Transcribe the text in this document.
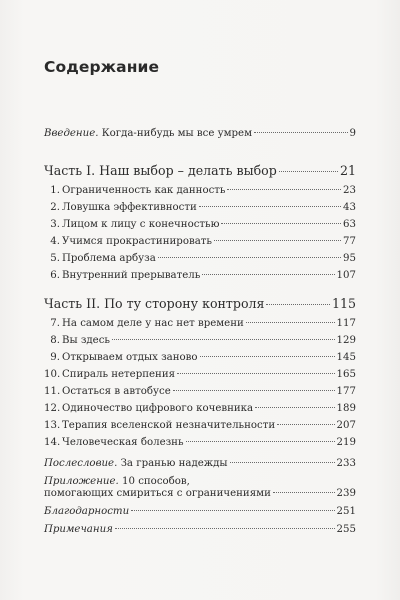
Содержание
Введение. Когда-нибудь мы все умрем	9
Часть I. Наш выбор – делать выбор	21
1. Ограниченность как данность	23
2. Ловушка эффективности	43
3. Лицом к лицу с конечностью	63
4. Учимся прокрастинировать	77
5. Проблема арбуза	95
6. Внутренний прерыватель	107
Часть II. По ту сторону контроля	115
7. На самом деле у нас нет времени	117
8. Вы здесь	129
9. Открываем отдых заново	145
10. Спираль нетерпения	165
11. Остаться в автобусе	177
12. Одиночество цифрового кочевника	189
13. Терапия вселенской незначительности	207
14. Человеческая болезнь	219
Послесловие. За гранью надежды	233
Приложение. 10 способов,
помогающих смириться с ограничениями	239
Благодарности	251
Примечания	255
